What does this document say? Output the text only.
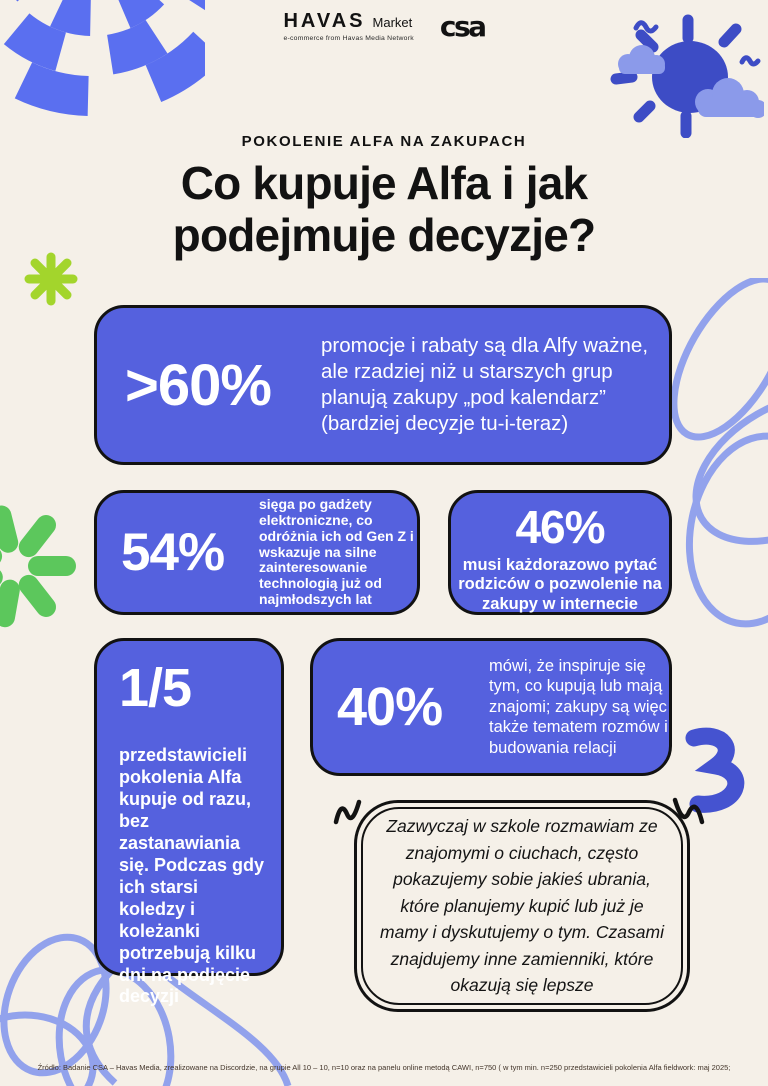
HAVAS Market
e-commerce from Havas Media Network csa
POKOLENIE ALFA NA ZAKUPACH
Co kupuje Alfa i jak
podejmuje decyzje?
>60%
promocje i rabaty są dla Alfy ważne, ale rzadziej niż u starszych grup planują zakupy „pod kalendarz” (bardziej decyzje tu-i-teraz)
54%
sięga po gadżety elektroniczne, co odróżnia ich od Gen Z i wskazuje na silne zainteresowanie technologią już od najmłodszych lat
46%
musi każdorazowo pytać rodziców o pozwolenie na zakupy w internecie
1/5
przedstawicieli pokolenia Alfa kupuje od razu, bez zastanawiania się. Podczas gdy ich starsi koledzy i koleżanki potrzebują kilku dni na podjęcie decyzji
40%
mówi, że inspiruje się tym, co kupują lub mają znajomi; zakupy są więc także tematem rozmów i budowania relacji
Zazwyczaj w szkole rozmawiam ze znajomymi o ciuchach, często pokazujemy sobie jakieś ubrania, które planujemy kupić lub już je mamy i dyskutujemy o tym. Czasami znajdujemy inne zamienniki, które okazują się lepsze
Źródło: Badanie CSA – Havas Media, zrealizowane na Discordzie, na grupie All 10 – 10, n=10 oraz na panelu online metodą CAWI, n=750 ( w tym min. n=250 przedstawicieli pokolenia Alfa fieldwork: maj 2025;
